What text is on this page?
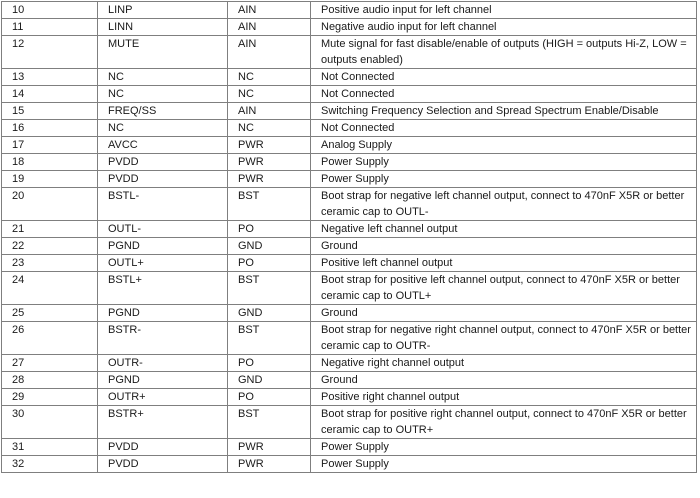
10	LINP	AIN	Positive audio input for left channel
11	LINN	AIN	Negative audio input for left channel
12	MUTE	AIN	Mute signal for fast disable/enable of outputs (HIGH = outputs Hi-Z, LOW = outputs enabled)
13	NC	NC	Not Connected
14	NC	NC	Not Connected
15	FREQ/SS	AIN	Switching Frequency Selection and Spread Spectrum Enable/Disable
16	NC	NC	Not Connected
17	AVCC	PWR	Analog Supply
18	PVDD	PWR	Power Supply
19	PVDD	PWR	Power Supply
20	BSTL-	BST	Boot strap for negative left channel output, connect to 470nF X5R or better ceramic cap to OUTL-
21	OUTL-	PO	Negative left channel output
22	PGND	GND	Ground
23	OUTL+	PO	Positive left channel output
24	BSTL+	BST	Boot strap for positive left channel output, connect to 470nF X5R or better ceramic cap to OUTL+
25	PGND	GND	Ground
26	BSTR-	BST	Boot strap for negative right channel output, connect to 470nF X5R or better ceramic cap to OUTR-
27	OUTR-	PO	Negative right channel output
28	PGND	GND	Ground
29	OUTR+	PO	Positive right channel output
30	BSTR+	BST	Boot strap for positive right channel output, connect to 470nF X5R or better ceramic cap to OUTR+
31	PVDD	PWR	Power Supply
32	PVDD	PWR	Power Supply
